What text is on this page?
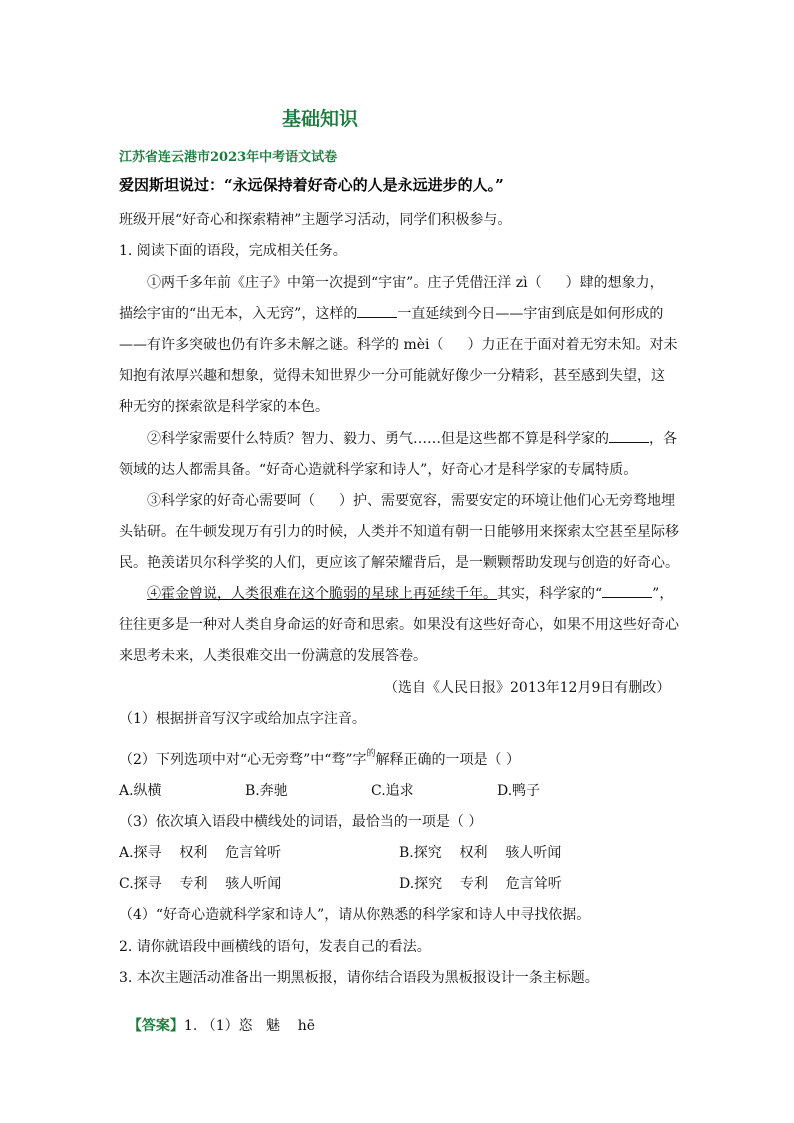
基础知识
江苏省连云港市2023年中考语文试卷
爱因斯坦说过：“永远保持着好奇心的人是永远进步的人。”
班级开展“好奇心和探索精神”主题学习活动，同学们积极参与。
1. 阅读下面的语段，完成相关任务。
①两千多年前《庄子》中第一次提到“宇宙”。庄子凭借汪洋 zì（ ）肆的想象力，
描绘宇宙的“出无本，入无窍”，这样的	一直延续到今日——宇宙到底是如何形成的
——有许多突破也仍有许多未解之谜。科学的 mèi（ ）力正在于面对着无穷未知。对未
知抱有浓厚兴趣和想象，觉得未知世界少一分可能就好像少一分精彩，甚至感到失望，这
种无穷的探索欲是科学家的本色。
②科学家需要什么特质？智力、毅力、勇气……但是这些都不算是科学家的	，各
领域的达人都需具备。“好奇心造就科学家和诗人”，好奇心才是科学家的专属特质。
③科学家的好奇心需要呵（ ）护、需要宽容，需要安定的环境让他们心无旁骛地埋
头钻研。在牛顿发现万有引力的时候，人类并不知道有朝一日能够用来探索太空甚至星际移
民。艳羡诺贝尔科学奖的人们，更应该了解荣耀背后，是一颗颗帮助发现与创造的好奇心。
④霍金曾说，人类很难在这个脆弱的星球上再延续千年。其实，科学家的“	”，
往往更多是一种对人类自身命运的好奇和思索。如果没有这些好奇心，如果不用这些好奇心
来思考未来，人类很难交出一份满意的发展答卷。
（选自《人民日报》2013年12月9日有删改）
（1）根据拼音写汉字或给加点字注音。
（2）下列选项中对“心无旁骛”中“骛”字$^的$解释正确的一项是（ ）
A.纵横	B.奔驰	C.追求	D.鸭子
（3）依次填入语段中横线处的词语，最恰当的一项是（ ）
A.探寻    权利    危言耸听	B.探究    权利    骇人听闻
C.探寻    专利    骇人听闻	D.探究    专利    危言耸听
（4）“好奇心造就科学家和诗人”，请从你熟悉的科学家和诗人中寻找依据。
2. 请你就语段中画横线的语句，发表自己的看法。
3. 本次主题活动准备出一期黑板报，请你结合语段为黑板报设计一条主标题。

【答案】1. （1）恣   魅    hē
